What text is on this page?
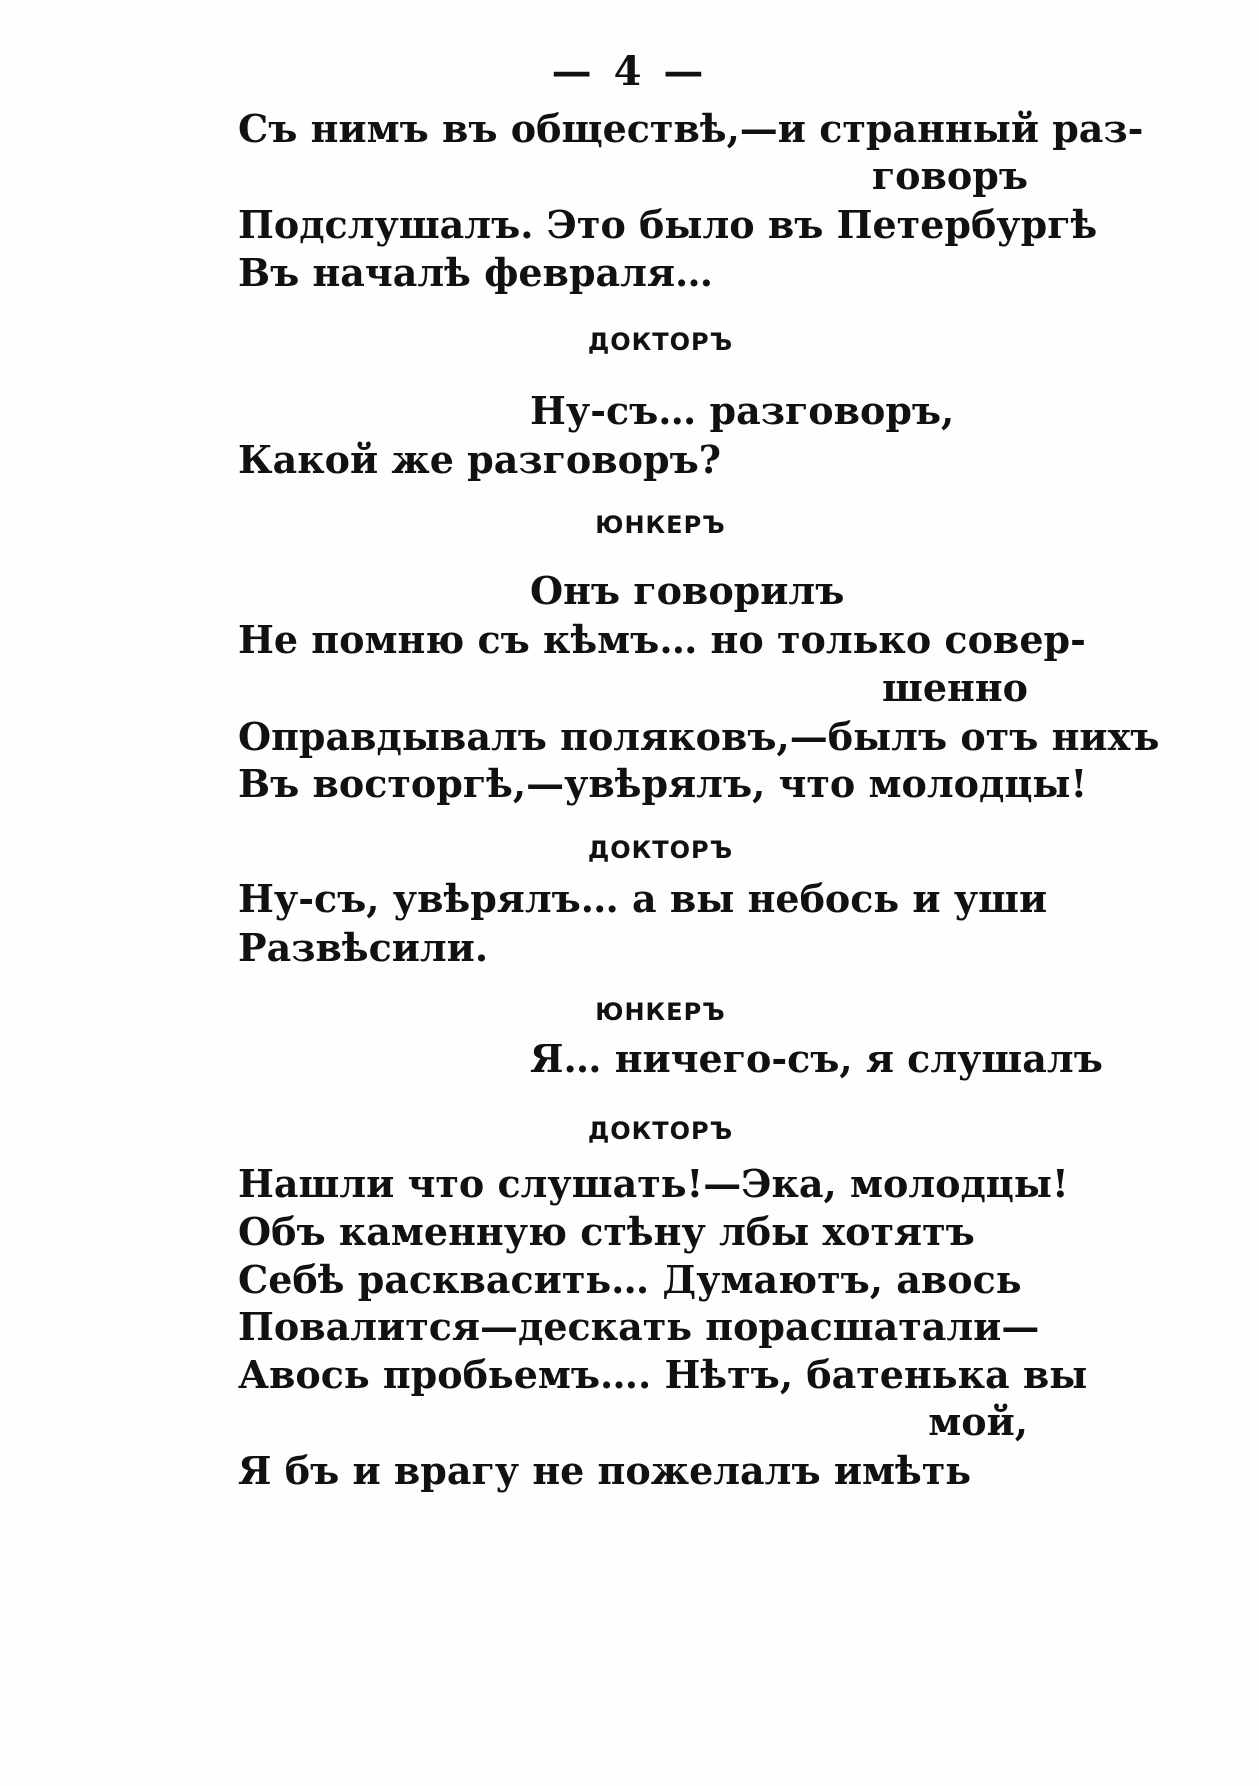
— 4 —
Съ нимъ въ обществѣ,—и странный раз-
говоръ
Подслушалъ. Это было въ Петербургѣ
Въ началѣ февраля…
ДОКТОРЪ
Ну-съ… разговоръ,
Какой же разговоръ?
ЮНКЕРЪ
Онъ говорилъ
Не помню съ кѣмъ… но только совер-
шенно
Оправдывалъ поляковъ,—былъ отъ нихъ
Въ восторгѣ,—увѣрялъ, что молодцы!
ДОКТОРЪ
Ну-съ, увѣрялъ… а вы небось и уши
Развѣсили.
ЮНКЕРЪ
Я… ничего-съ, я слушалъ
ДОКТОРЪ
Нашли что слушать!—Эка, молодцы!
Объ каменную стѣну лбы хотятъ
Себѣ расквасить… Думаютъ, авось
Повалится—дескать порасшатали—
Авось пробьемъ…. Нѣтъ, батенька вы
мой,
Я бъ и врагу не пожелалъ имѣть
